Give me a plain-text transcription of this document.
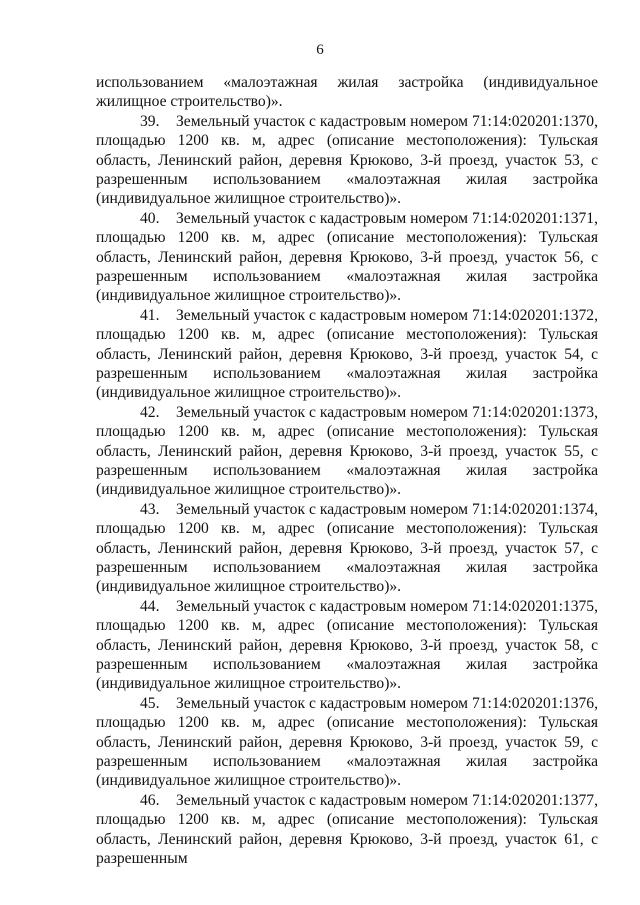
6

использованием «малоэтажная жилая застройка (индивидуальное жилищное строительство)».

39. Земельный участок с кадастровым номером 71:14:020201:1370, площадью 1200 кв. м, адрес (описание местоположения): Тульская область, Ленинский район, деревня Крюково, 3-й проезд, участок 53, с разрешенным использованием «малоэтажная жилая застройка (индивидуальное жилищное строительство)».

40. Земельный участок с кадастровым номером 71:14:020201:1371, площадью 1200 кв. м, адрес (описание местоположения): Тульская область, Ленинский район, деревня Крюково, 3-й проезд, участок 56, с разрешенным использованием «малоэтажная жилая застройка (индивидуальное жилищное строительство)».

41. Земельный участок с кадастровым номером 71:14:020201:1372, площадью 1200 кв. м, адрес (описание местоположения): Тульская область, Ленинский район, деревня Крюково, 3-й проезд, участок 54, с разрешенным использованием «малоэтажная жилая застройка (индивидуальное жилищное строительство)».

42. Земельный участок с кадастровым номером 71:14:020201:1373, площадью 1200 кв. м, адрес (описание местоположения): Тульская область, Ленинский район, деревня Крюково, 3-й проезд, участок 55, с разрешенным использованием «малоэтажная жилая застройка (индивидуальное жилищное строительство)».

43. Земельный участок с кадастровым номером 71:14:020201:1374, площадью 1200 кв. м, адрес (описание местоположения): Тульская область, Ленинский район, деревня Крюково, 3-й проезд, участок 57, с разрешенным использованием «малоэтажная жилая застройка (индивидуальное жилищное строительство)».

44. Земельный участок с кадастровым номером 71:14:020201:1375, площадью 1200 кв. м, адрес (описание местоположения): Тульская область, Ленинский район, деревня Крюково, 3-й проезд, участок 58, с разрешенным использованием «малоэтажная жилая застройка (индивидуальное жилищное строительство)».

45. Земельный участок с кадастровым номером 71:14:020201:1376, площадью 1200 кв. м, адрес (описание местоположения): Тульская область, Ленинский район, деревня Крюково, 3-й проезд, участок 59, с разрешенным использованием «малоэтажная жилая застройка (индивидуальное жилищное строительство)».

46. Земельный участок с кадастровым номером 71:14:020201:1377, площадью 1200 кв. м, адрес (описание местоположения): Тульская область, Ленинский район, деревня Крюково, 3-й проезд, участок 61, с разрешенным
